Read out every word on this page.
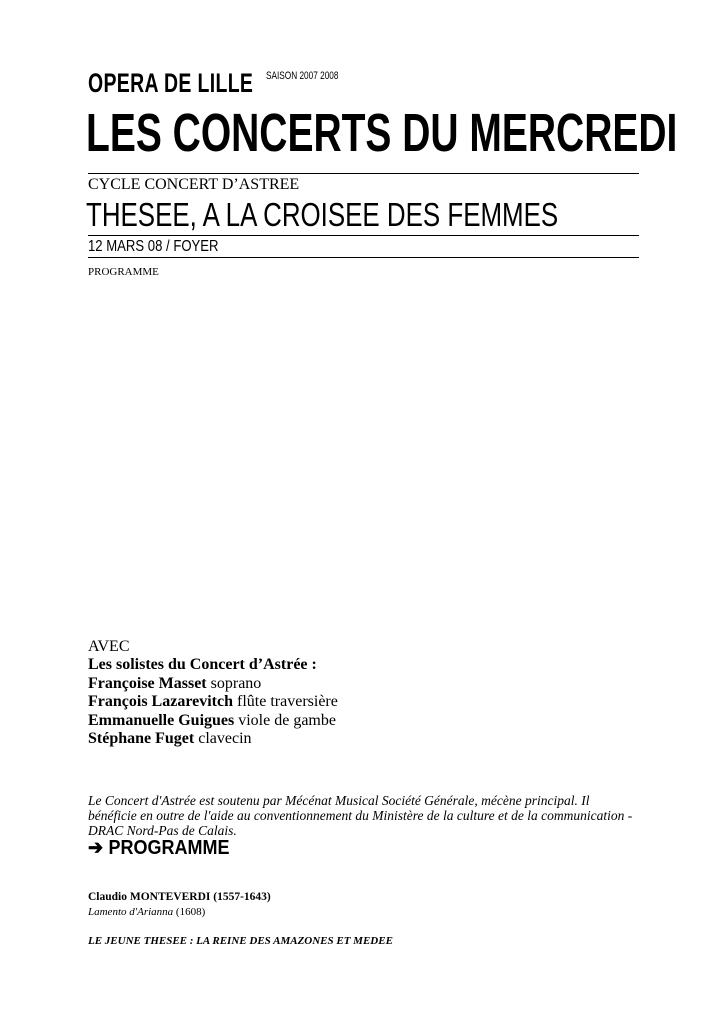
OPERA DE LILLE SAISON 2007 2008
LES CONCERTS DU MERCREDI
CYCLE CONCERT D’ASTREE
THESEE, A LA CROISEE DES FEMMES
12 MARS 08 / FOYER
PROGRAMME
AVEC
Les solistes du Concert d’Astrée :
Françoise Masset soprano
François Lazarevitch flûte traversière
Emmanuelle Guigues viole de gambe
Stéphane Fuget clavecin
Le Concert d'Astrée est soutenu par Mécénat Musical Société Générale, mécène principal. Il bénéficie en outre de l'aide au conventionnement du Ministère de la culture et de la communication - DRAC Nord-Pas de Calais.
➔ PROGRAMME
Claudio MONTEVERDI (1557-1643)
Lamento d'Arianna (1608)
LE JEUNE THESEE : LA REINE DES AMAZONES ET MEDEE
